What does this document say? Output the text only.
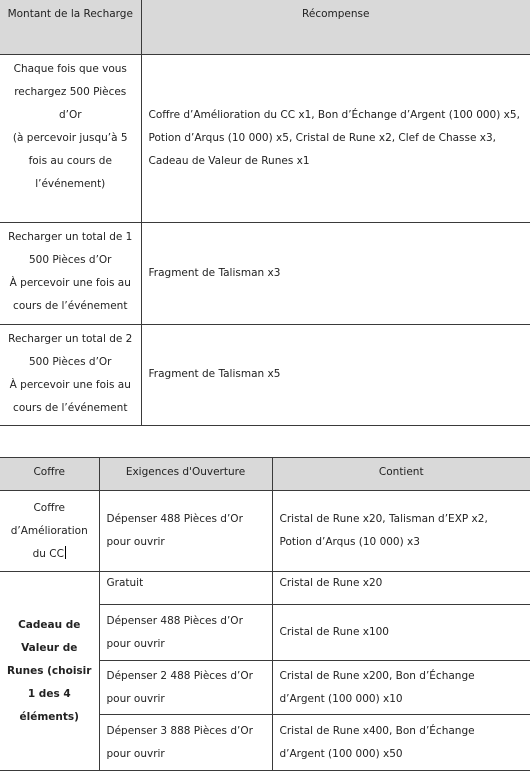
Montant de la Recharge	Récompense
Chaque fois que vous rechargez 500 Pièces d’Or
(à percevoir jusqu’à 5 fois au cours de l’événement)	Coffre d’Amélioration du CC x1, Bon d’Échange d’Argent (100 000) x5, Potion d’Arqus (10 000) x5, Cristal de Rune x2, Clef de Chasse x3, Cadeau de Valeur de Runes x1
Recharger un total de 1 500 Pièces d’Or
À percevoir une fois au cours de l’événement	Fragment de Talisman x3
Recharger un total de 2 500 Pièces d’Or
À percevoir une fois au cours de l’événement	Fragment de Talisman x5
Coffre	Exigences d'Ouverture	Contient
Coffre d’Amélioration du CC	Dépenser 488 Pièces d’Or pour ouvrir	Cristal de Rune x20, Talisman d’EXP x2, Potion d’Arqus (10 000) x3
Cadeau de Valeur de Runes (choisir 1 des 4 éléments)	Gratuit	Cristal de Rune x20
	Dépenser 488 Pièces d’Or pour ouvrir	Cristal de Rune x100
	Dépenser 2 488 Pièces d’Or pour ouvrir	Cristal de Rune x200, Bon d’Échange d’Argent (100 000) x10
	Dépenser 3 888 Pièces d’Or pour ouvrir	Cristal de Rune x400, Bon d’Échange d’Argent (100 000) x50
